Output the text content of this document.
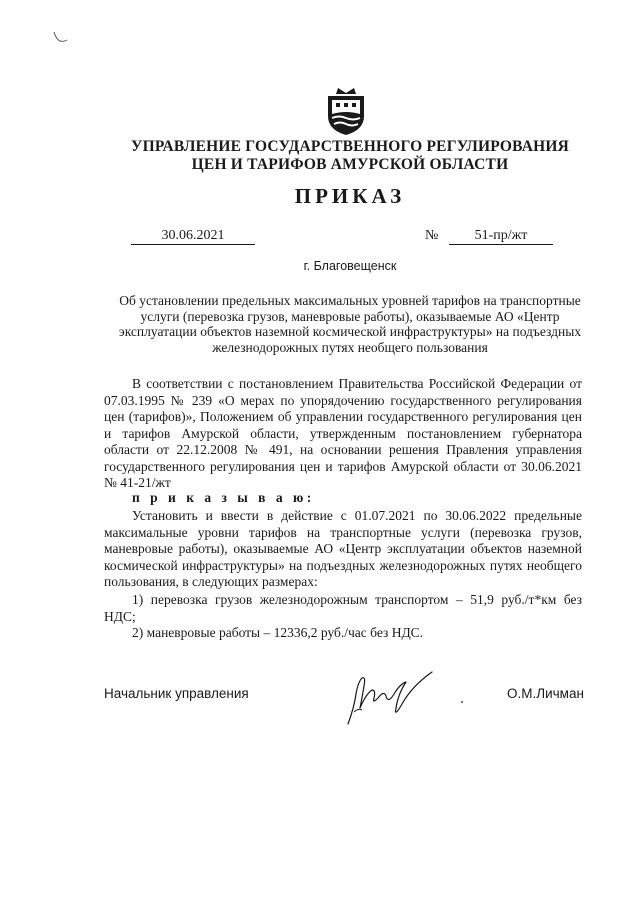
УПРАВЛЕНИЕ ГОСУДАРСТВЕННОГО РЕГУЛИРОВАНИЯ
ЦЕН И ТАРИФОВ АМУРСКОЙ ОБЛАСТИ
ПРИКАЗ
30.06.2021	№	51-пр/жт
г. Благовещенск
Об установлении предельных максимальных уровней тарифов на транспортные услуги (перевозка грузов, маневровые работы), оказываемые АО «Центр эксплуатации объектов наземной космической инфраструктуры» на подъездных железнодорожных путях необщего пользования
В соответствии с постановлением Правительства Российской Федерации от 07.03.1995 № 239 «О мерах по упорядочению государственного регулирования цен (тарифов)», Положением об управлении государственного регулирования цен и тарифов Амурской области, утвержденным постановлением губернатора области от 22.12.2008 № 491, на основании решения Правления управления государственного регулирования цен и тарифов Амурской области от 30.06.2021 № 41-21/жт
п р и к а з ы в а ю:
Установить и ввести в действие с 01.07.2021 по 30.06.2022 предельные максимальные уровни тарифов на транспортные услуги (перевозка грузов, маневровые работы), оказываемые АО «Центр эксплуатации объектов наземной космической инфраструктуры» на подъездных железнодорожных путях необщего пользования, в следующих размерах:
1) перевозка грузов железнодорожным транспортом – 51,9 руб./т*км без НДС;
2) маневровые работы – 12336,2 руб./час без НДС.
Начальник управления	О.М.Личман
